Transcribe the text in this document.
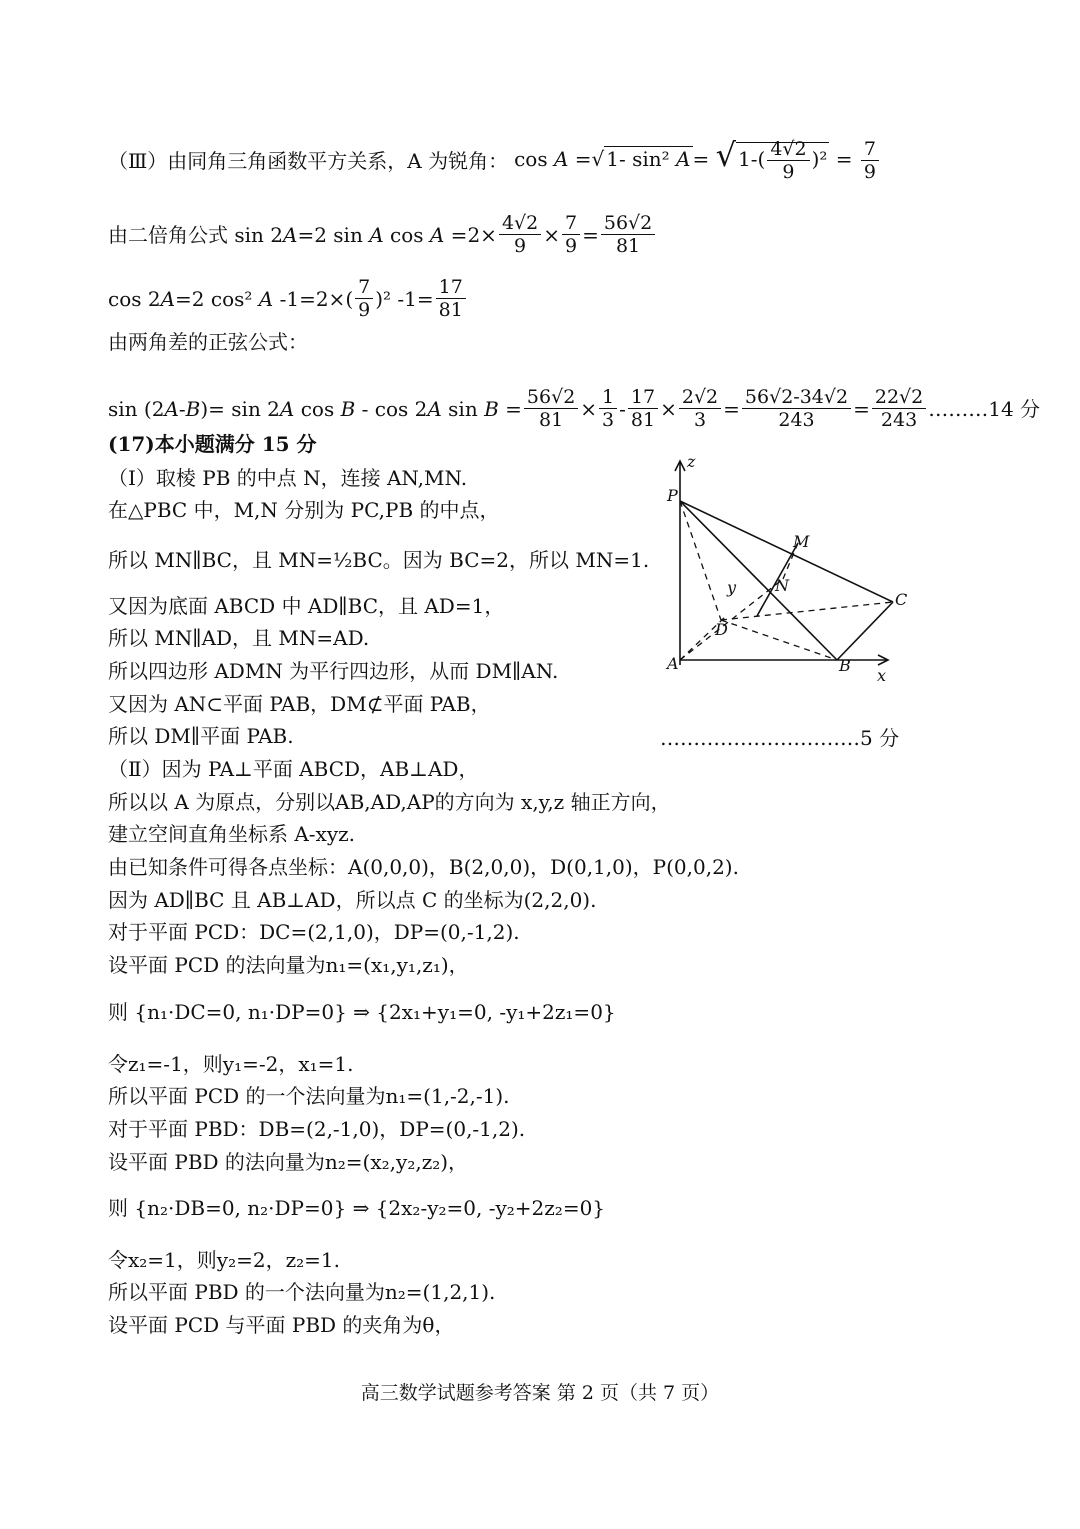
（Ⅲ）由同角三角函数平方关系，A 为锐角： cos A =√ 1- sin² A = √ $1-( \frac{4√2}{9} )^2 = \frac{7}{9}$
由二倍角公式 sin 2A=2 sin A $\cos A =2\times \frac{4√2}{9} \times \frac{7}{9} = \frac{56√2}{81}$
cos 2A=2 cos² A $-1=2\times( \frac{7}{9} )^2$ $-1= \frac{17}{81}$
由两角差的正弦公式：
sin (2A-B)= sin 2A cos B - cos 2A $\sin B = \frac{56√2}{81} \times \frac{1}{3} - \frac{17}{81} \times \frac{2√2}{3} = \frac{56√2-34√2}{243} = \frac{22√2}{243}$ ………14 分
(17)本小题满分 15 分
（Ⅰ）取棱 PB 的中点 N，连接 AN,MN.
在△PBC 中，M,N 分别为 PC,PB 的中点，
所以 MN∥BC，且 MN=½BC。因为 BC=2，所以 MN=1.
又因为底面 ABCD 中 AD∥BC，且 AD=1，
所以 MN∥AD，且 MN=AD.
所以四边形 ADMN 为平行四边形，从而 DM∥AN.
又因为 AN⊂平面 PAB，DM⊄平面 PAB，
所以 DM∥平面 PAB.	…………………………5 分
（Ⅱ）因为 PA⊥平面 ABCD，AB⊥AD，
所以以 A 为原点，分别以AB,AD,AP的方向为 x,y,z 轴正方向，
建立空间直角坐标系 A-xyz.
由已知条件可得各点坐标：A(0,0,0)，B(2,0,0)，D(0,1,0)，P(0,0,2).
因为 AD∥BC 且 AB⊥AD，所以点 C 的坐标为(2,2,0).
对于平面 PCD：DC=(2,1,0)，DP=(0,-1,2).
设平面 PCD 的法向量为n₁=(x₁,y₁,z₁)，
则 {n₁·DC=0, n₁·DP=0} ⇒ {2x₁+y₁=0, -y₁+2z₁=0}
令z₁=-1，则y₁=-2，x₁=1.
所以平面 PCD 的一个法向量为n₁=(1,-2,-1).
对于平面 PBD：DB=(2,-1,0)，DP=(0,-1,2).
设平面 PBD 的法向量为n₂=(x₂,y₂,z₂)，
则 {n₂·DB=0, n₂·DP=0} ⇒ {2x₂-y₂=0, -y₂+2z₂=0}
令x₂=1，则y₂=2，z₂=1.
所以平面 PBD 的一个法向量为n₂=(1,2,1).
设平面 PCD 与平面 PBD 的夹角为θ，
z
P
M
y N
C
D
A	B
x
高三数学试题参考答案 第 2 页（共 7 页）
